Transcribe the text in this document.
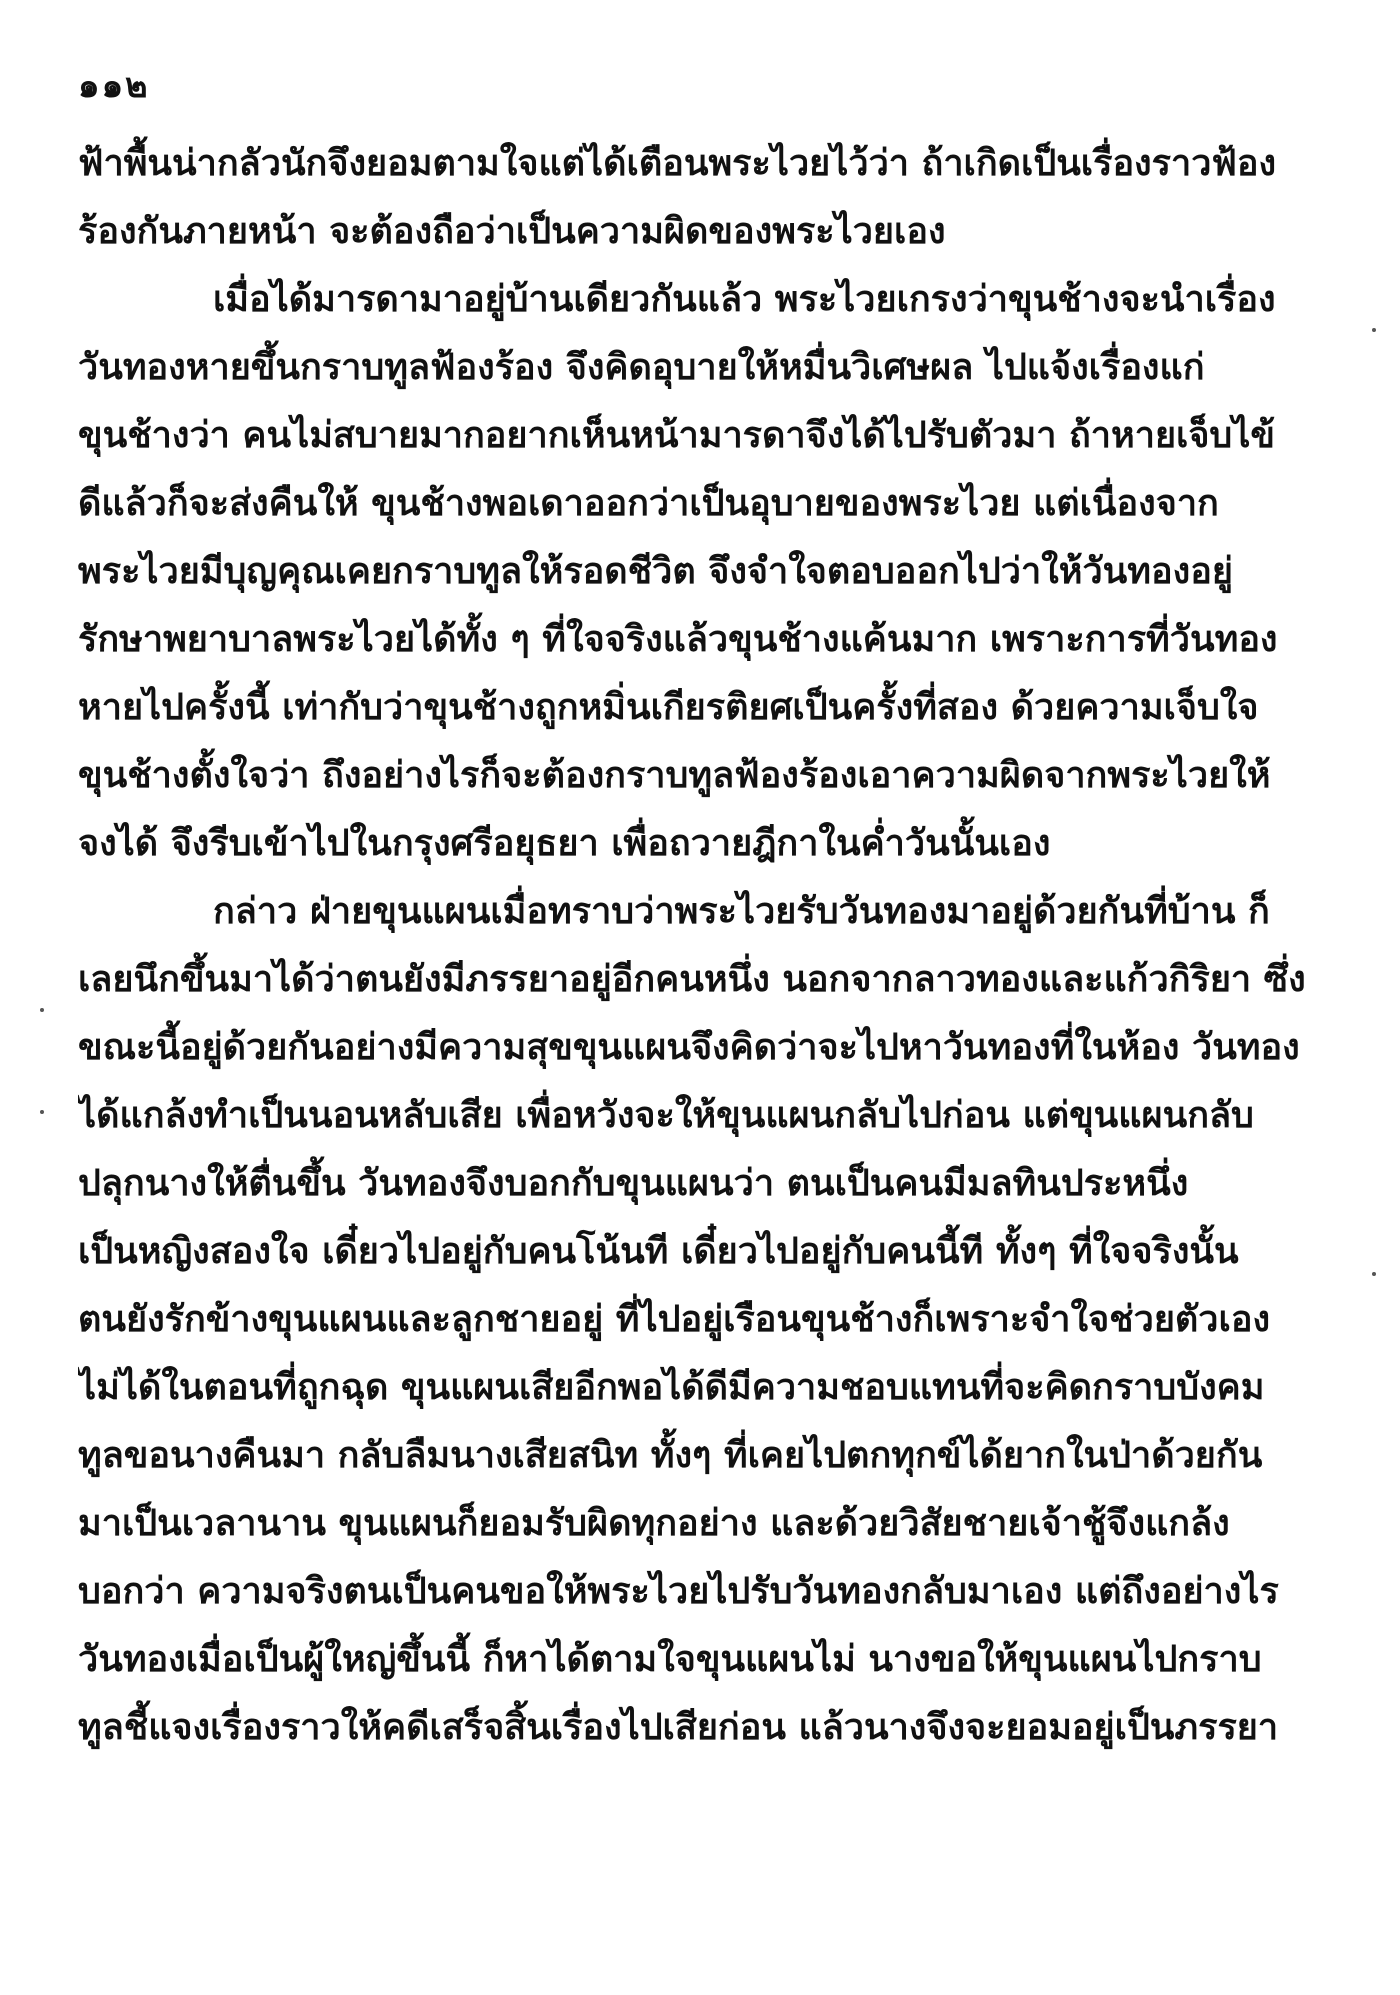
๑๑๒
ฟ้าพื้นน่ากลัวนักจึงยอมตามใจแต่ได้เตือนพระไวยไว้ว่า ถ้าเกิดเป็นเรื่องราวฟ้อง
ร้องกันภายหน้า จะต้องถือว่าเป็นความผิดของพระไวยเอง
เมื่อได้มารดามาอยู่บ้านเดียวกันแล้ว พระไวยเกรงว่าขุนช้างจะนำเรื่อง
วันทองหายขึ้นกราบทูลฟ้องร้อง จึงคิดอุบายให้หมื่นวิเศษผล ไปแจ้งเรื่องแก่
ขุนช้างว่า คนไม่สบายมากอยากเห็นหน้ามารดาจึงได้ไปรับตัวมา ถ้าหายเจ็บไข้
ดีแล้วก็จะส่งคืนให้ ขุนช้างพอเดาออกว่าเป็นอุบายของพระไวย แต่เนื่องจาก
พระไวยมีบุญคุณเคยกราบทูลให้รอดชีวิต จึงจำใจตอบออกไปว่าให้วันทองอยู่
รักษาพยาบาลพระไวยได้ทั้ง ๆ ที่ใจจริงแล้วขุนช้างแค้นมาก เพราะการที่วันทอง
หายไปครั้งนี้ เท่ากับว่าขุนช้างถูกหมิ่นเกียรติยศเป็นครั้งที่สอง ด้วยความเจ็บใจ
ขุนช้างตั้งใจว่า ถึงอย่างไรก็จะต้องกราบทูลฟ้องร้องเอาความผิดจากพระไวยให้
จงได้ จึงรีบเข้าไปในกรุงศรีอยุธยา เพื่อถวายฎีกาในค่ำวันนั้นเอง
กล่าว ฝ่ายขุนแผนเมื่อทราบว่าพระไวยรับวันทองมาอยู่ด้วยกันที่บ้าน ก็
เลยนึกขึ้นมาได้ว่าตนยังมีภรรยาอยู่อีกคนหนึ่ง นอกจากลาวทองและแก้วกิริยา ซึ่ง
ขณะนี้อยู่ด้วยกันอย่างมีความสุขขุนแผนจึงคิดว่าจะไปหาวันทองที่ในห้อง วันทอง
ได้แกล้งทำเป็นนอนหลับเสีย เพื่อหวังจะให้ขุนแผนกลับไปก่อน แต่ขุนแผนกลับ
ปลุกนางให้ตื่นขึ้น วันทองจึงบอกกับขุนแผนว่า ตนเป็นคนมีมลทินประหนึ่ง
เป็นหญิงสองใจ เดี๋ยวไปอยู่กับคนโน้นที เดี๋ยวไปอยู่กับคนนี้ที ทั้งๆ ที่ใจจริงนั้น
ตนยังรักข้างขุนแผนและลูกชายอยู่ ที่ไปอยู่เรือนขุนช้างก็เพราะจำใจช่วยตัวเอง
ไม่ได้ในตอนที่ถูกฉุด ขุนแผนเสียอีกพอได้ดีมีความชอบแทนที่จะคิดกราบบังคม
ทูลขอนางคืนมา กลับลืมนางเสียสนิท ทั้งๆ ที่เคยไปตกทุกข์ได้ยากในป่าด้วยกัน
มาเป็นเวลานาน ขุนแผนก็ยอมรับผิดทุกอย่าง และด้วยวิสัยชายเจ้าชู้จึงแกล้ง
บอกว่า ความจริงตนเป็นคนขอให้พระไวยไปรับวันทองกลับมาเอง แต่ถึงอย่างไร
วันทองเมื่อเป็นผู้ใหญ่ขึ้นนี้ ก็หาได้ตามใจขุนแผนไม่ นางขอให้ขุนแผนไปกราบ
ทูลชี้แจงเรื่องราวให้คดีเสร็จสิ้นเรื่องไปเสียก่อน แล้วนางจึงจะยอมอยู่เป็นภรรยา
